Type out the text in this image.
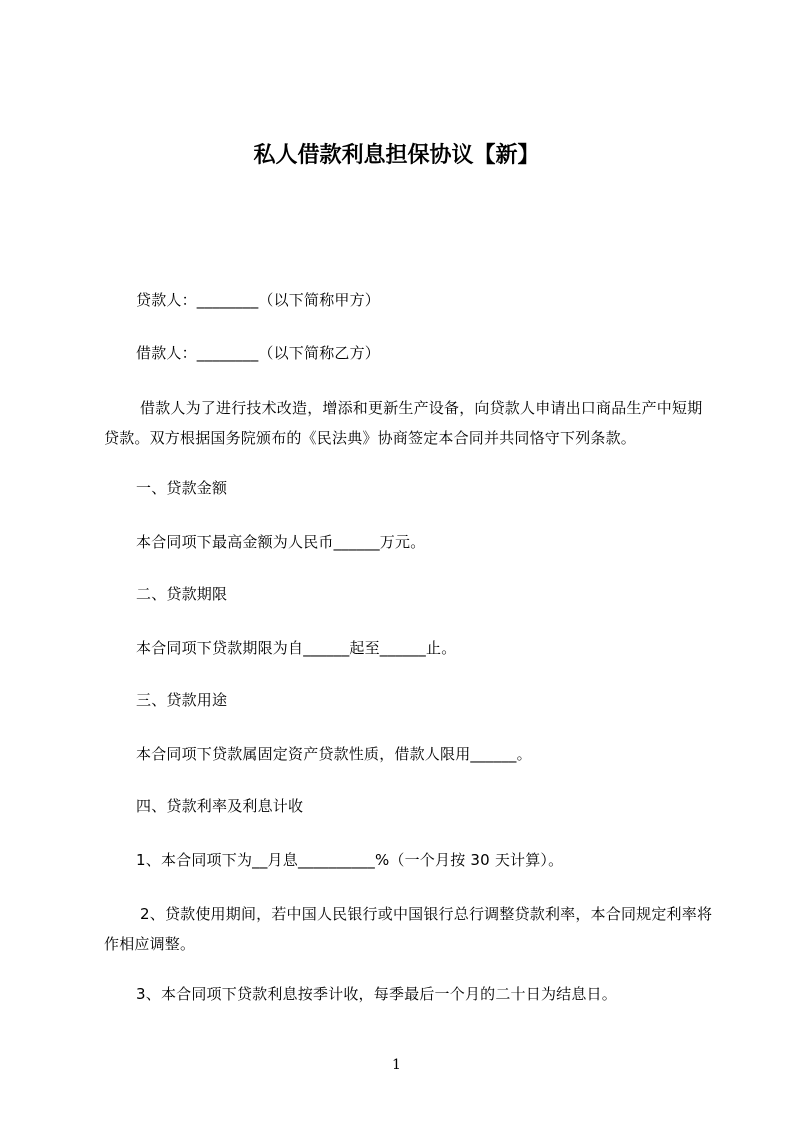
私人借款利息担保协议【新】

贷款人：________（以下简称甲方）

借款人：________（以下简称乙方）

借款人为了进行技术改造，增添和更新生产设备，向贷款人申请出口商品生产中短期贷款。双方根据国务院颁布的《民法典》协商签定本合同并共同恪守下列条款。

一、贷款金额

本合同项下最高金额为人民币______万元。

二、贷款期限

本合同项下贷款期限为自______起至______止。

三、贷款用途

本合同项下贷款属固定资产贷款性质，借款人限用______。

四、贷款利率及利息计收

1、本合同项下为__月息__________%（一个月按 30 天计算）。

2、贷款使用期间，若中国人民银行或中国银行总行调整贷款利率，本合同规定利率将作相应调整。

3、本合同项下贷款利息按季计收，每季最后一个月的二十日为结息日。

1
